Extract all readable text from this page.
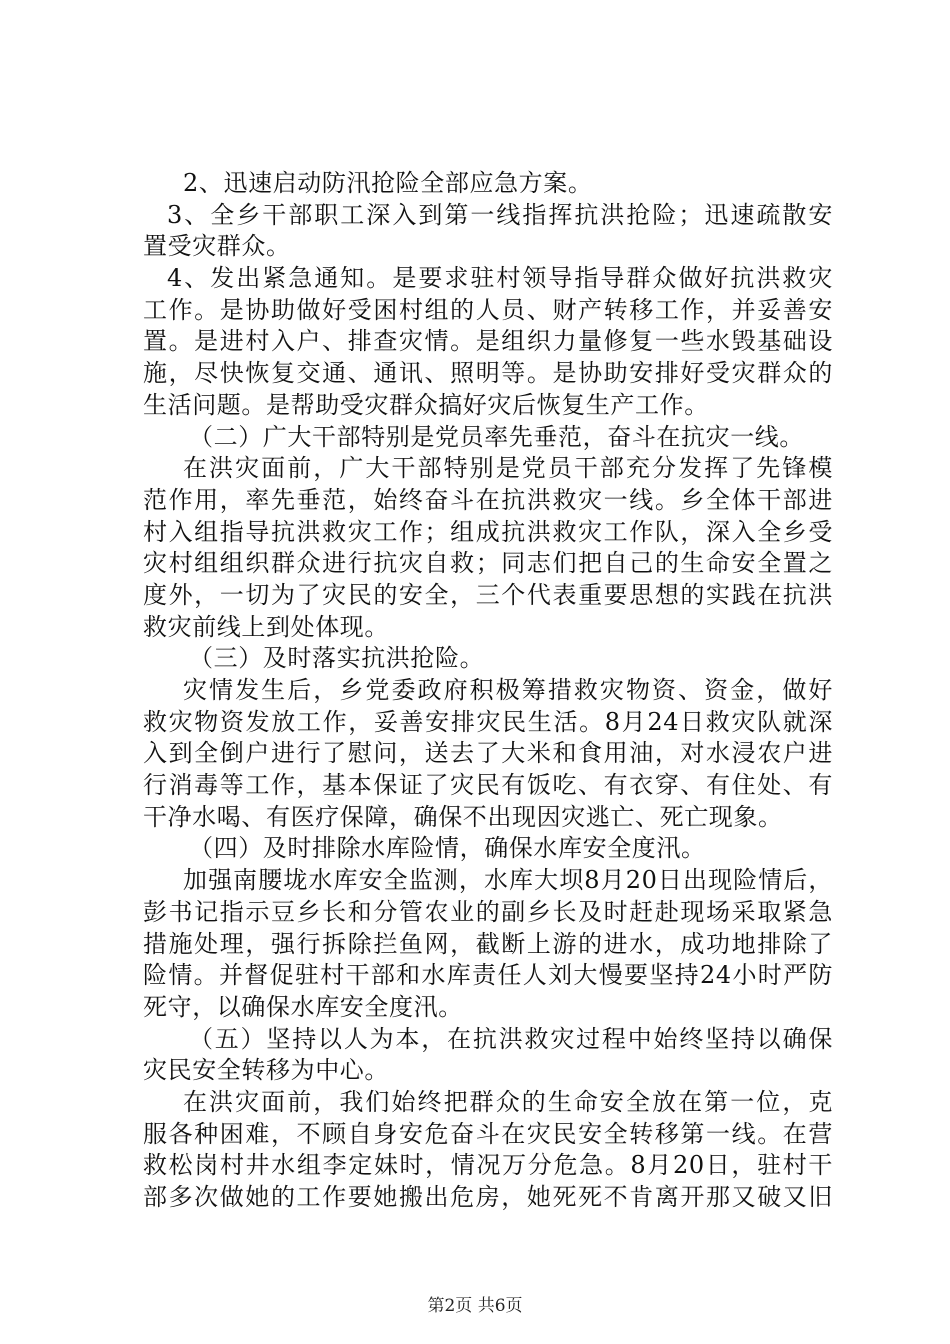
2、迅速启动防汛抢险全部应急方案。
3、全乡干部职工深入到第一线指挥抗洪抢险；迅速疏散安
置受灾群众。
4、发出紧急通知。是要求驻村领导指导群众做好抗洪救灾
工作。是协助做好受困村组的人员、财产转移工作，并妥善安
置。是进村入户、排查灾情。是组织力量修复一些水毁基础设
施，尽快恢复交通、通讯、照明等。是协助安排好受灾群众的
生活问题。是帮助受灾群众搞好灾后恢复生产工作。
（二）广大干部特别是党员率先垂范，奋斗在抗灾一线。
在洪灾面前，广大干部特别是党员干部充分发挥了先锋模
范作用，率先垂范，始终奋斗在抗洪救灾一线。乡全体干部进
村入组指导抗洪救灾工作；组成抗洪救灾工作队，深入全乡受
灾村组组织群众进行抗灾自救；同志们把自己的生命安全置之
度外，一切为了灾民的安全，三个代表重要思想的实践在抗洪
救灾前线上到处体现。
（三）及时落实抗洪抢险。
灾情发生后，乡党委政府积极筹措救灾物资、资金，做好
救灾物资发放工作，妥善安排灾民生活。8月24日救灾队就深
入到全倒户进行了慰问，送去了大米和食用油，对水浸农户进
行消毒等工作，基本保证了灾民有饭吃、有衣穿、有住处、有
干净水喝、有医疗保障，确保不出现因灾逃亡、死亡现象。
（四）及时排除水库险情，确保水库安全度汛。
加强南腰垅水库安全监测，水库大坝8月20日出现险情后，
彭书记指示豆乡长和分管农业的副乡长及时赶赴现场采取紧急
措施处理，强行拆除拦鱼网，截断上游的进水，成功地排除了
险情。并督促驻村干部和水库责任人刘大慢要坚持24小时严防
死守，以确保水库安全度汛。
（五）坚持以人为本，在抗洪救灾过程中始终坚持以确保
灾民安全转移为中心。
在洪灾面前，我们始终把群众的生命安全放在第一位，克
服各种困难，不顾自身安危奋斗在灾民安全转移第一线。在营
救松岗村井水组李定妹时，情况万分危急。8月20日，驻村干
部多次做她的工作要她搬出危房，她死死不肯离开那又破又旧
第2页 共6页
